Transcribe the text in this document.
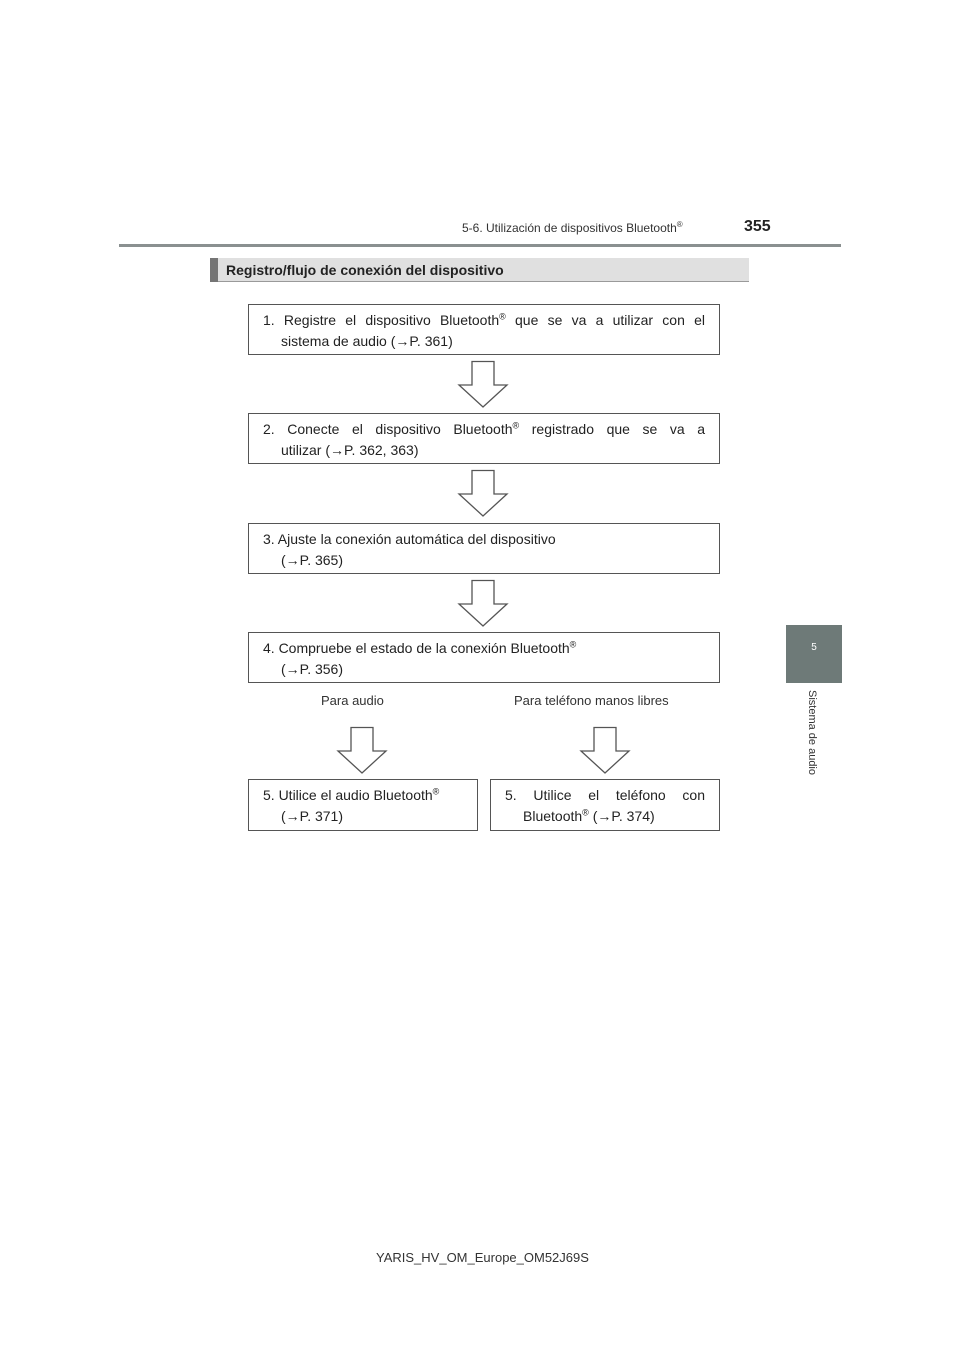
5-6. Utilización de dispositivos Bluetooth®	355
5
Sistema de audio
Registro/flujo de conexión del dispositivo
1. Registre el dispositivo Bluetooth® que se va a utilizar con el
sistema de audio (→P. 361)
2. Conecte el dispositivo Bluetooth® registrado que se va a
utilizar (→P. 362, 363)
3. Ajuste la conexión automática del dispositivo
(→P. 365)
4. Compruebe el estado de la conexión Bluetooth®
(→P. 356)
Para audio	Para teléfono manos libres
5. Utilice el audio Bluetooth®
(→P. 371)
5. Utilice el teléfono con
Bluetooth® (→P. 374)
YARIS_HV_OM_Europe_OM52J69S
